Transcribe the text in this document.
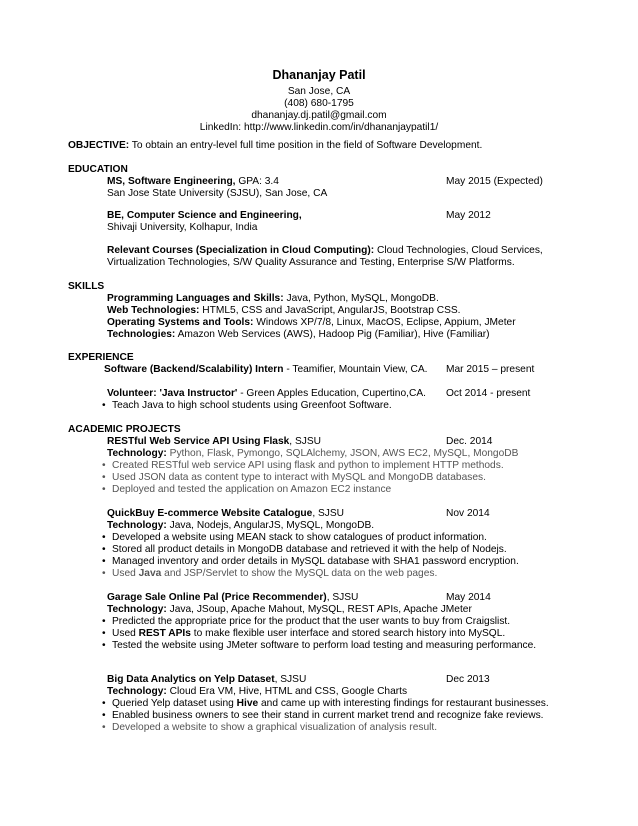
Dhananjay Patil
San Jose, CA
(408) 680-1795
dhananjay.dj.patil@gmail.com
LinkedIn: http://www.linkedin.com/in/dhananjaypatil1/
OBJECTIVE: To obtain an entry-level full time position in the field of Software Development.
EDUCATION
MS, Software Engineering, GPA: 3.4	May 2015 (Expected)
San Jose State University (SJSU), San Jose, CA
BE, Computer Science and Engineering,	May 2012
Shivaji University, Kolhapur, India
Relevant Courses (Specialization in Cloud Computing): Cloud Technologies, Cloud Services,
Virtualization Technologies, S/W Quality Assurance and Testing, Enterprise S/W Platforms.
SKILLS
Programming Languages and Skills: Java, Python, MySQL, MongoDB.
Web Technologies: HTML5, CSS and JavaScript, AngularJS, Bootstrap CSS.
Operating Systems and Tools: Windows XP/7/8, Linux, MacOS, Eclipse, Appium, JMeter
Technologies: Amazon Web Services (AWS), Hadoop Pig (Familiar), Hive (Familiar)
EXPERIENCE
Software (Backend/Scalability) Intern - Teamifier, Mountain View, CA. Mar 2015 – present
Volunteer: 'Java Instructor' - Green Apples Education, Cupertino,CA. Oct 2014 - present
• Teach Java to high school students using Greenfoot Software.
ACADEMIC PROJECTS
RESTful Web Service API Using Flask, SJSU	Dec. 2014
Technology: Python, Flask, Pymongo, SQLAlchemy, JSON, AWS EC2, MySQL, MongoDB
• Created RESTful web service API using flask and python to implement HTTP methods.
• Used JSON data as content type to interact with MySQL and MongoDB databases.
• Deployed and tested the application on Amazon EC2 instance
QuickBuy E-commerce Website Catalogue, SJSU	Nov 2014
Technology: Java, Nodejs, AngularJS, MySQL, MongoDB.
• Developed a website using MEAN stack to show catalogues of product information.
• Stored all product details in MongoDB database and retrieved it with the help of Nodejs.
• Managed inventory and order details in MySQL database with SHA1 password encryption.
• Used Java and JSP/Servlet to show the MySQL data on the web pages.
Garage Sale Online Pal (Price Recommender), SJSU	May 2014
Technology: Java, JSoup, Apache Mahout, MySQL, REST APIs, Apache JMeter
• Predicted the appropriate price for the product that the user wants to buy from Craigslist.
• Used REST APIs to make flexible user interface and stored search history into MySQL.
• Tested the website using JMeter software to perform load testing and measuring performance.
Big Data Analytics on Yelp Dataset, SJSU	Dec 2013
Technology: Cloud Era VM, Hive, HTML and CSS, Google Charts
• Queried Yelp dataset using Hive and came up with interesting findings for restaurant businesses.
• Enabled business owners to see their stand in current market trend and recognize fake reviews.
• Developed a website to show a graphical visualization of analysis result.
